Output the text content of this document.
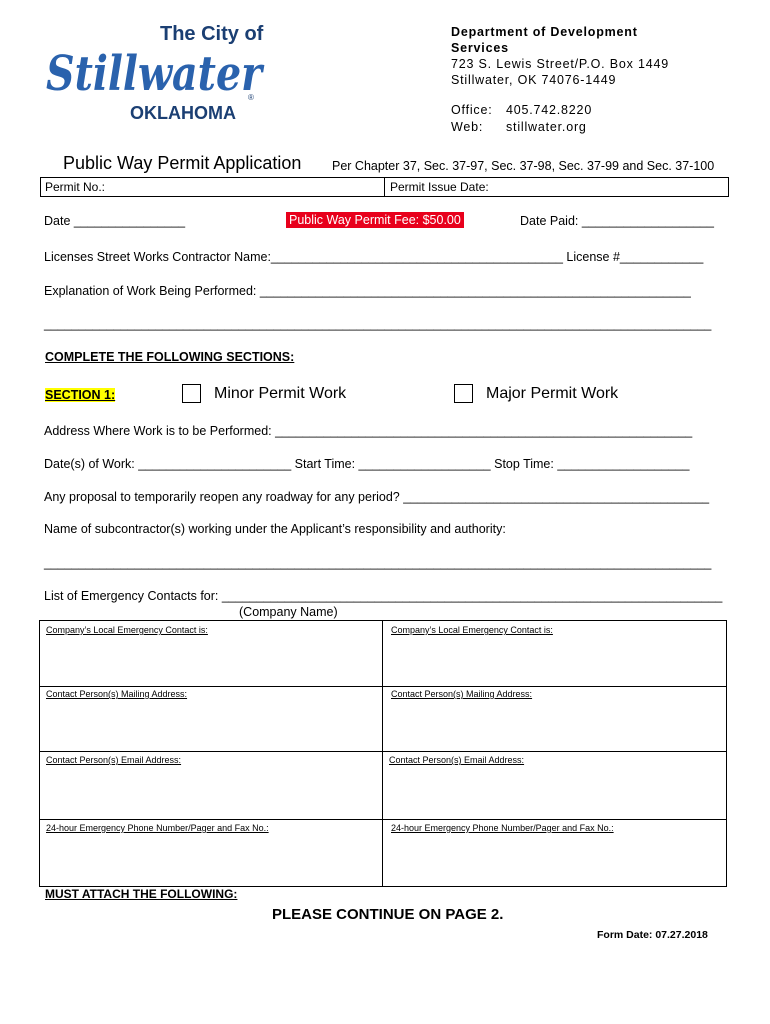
The City of
Stillwater
OKLAHOMA
®
Department of Development
Services
723 S. Lewis Street/P.O. Box 1449
Stillwater, OK 74076-1449
Office: 405.742.8220
Web: stillwater.org
Public Way Permit Application Per Chapter 37, Sec. 37-97, Sec. 37-98, Sec. 37-99 and Sec. 37-100
Permit No.:	Permit Issue Date:
Date ________________	Public Way Permit Fee: $50.00	Date Paid: ___________________
Licenses Street Works Contractor Name:__________________________________________ License #____________
Explanation of Work Being Performed: ______________________________________________________________
________________________________________________________________________________________________
COMPLETE THE FOLLOWING SECTIONS:
SECTION 1:	Minor Permit Work	Major Permit Work
Address Where Work is to be Performed: ____________________________________________________________
Date(s) of Work: ______________________ Start Time: ___________________ Stop Time: ___________________
Any proposal to temporarily reopen any roadway for any period? ____________________________________________
Name of subcontractor(s) working under the Applicant’s responsibility and authority:
________________________________________________________________________________________________
List of Emergency Contacts for: ________________________________________________________________________
(Company Name)
Company’s Local Emergency Contact is:	Company’s Local Emergency Contact is:
Contact Person(s) Mailing Address:	Contact Person(s) Mailing Address:
Contact Person(s) Email Address:	Contact Person(s) Email Address:
24-hour Emergency Phone Number/Pager and Fax No.:	24-hour Emergency Phone Number/Pager and Fax No.:
MUST ATTACH THE FOLLOWING:
PLEASE CONTINUE ON PAGE 2.
Form Date: 07.27.2018
